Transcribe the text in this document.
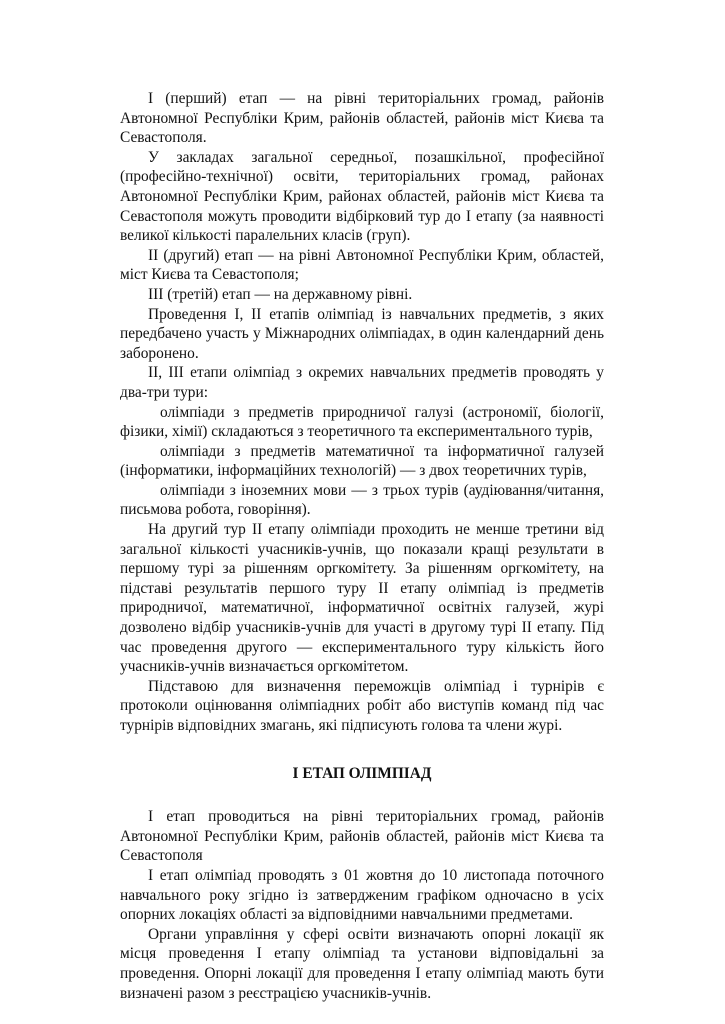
I (перший) етап — на рівні територіальних громад, районів Автономної Республіки Крим, районів областей, районів міст Києва та Севастополя.

У закладах загальної середньої, позашкільної, професійної (професійно-технічної) освіти, територіальних громад, районах Автономної Республіки Крим, районах областей, районів міст Києва та Севастополя можуть проводити відбірковий тур до I етапу (за наявності великої кількості паралельних класів (груп).

II (другий) етап — на рівні Автономної Республіки Крим, областей, міст Києва та Севастополя;

III (третій) етап — на державному рівні.

Проведення I, II етапів олімпіад із навчальних предметів, з яких передбачено участь у Міжнародних олімпіадах, в один календарний день заборонено.

II, III етапи олімпіад з окремих навчальних предметів проводять у два-три тури:

олімпіади з предметів природничої галузі (астрономії, біології, фізики, хімії) складаються з теоретичного та експериментального турів,

олімпіади з предметів математичної та інформатичної галузей (інформатики, інформаційних технологій) — з двох теоретичних турів,

олімпіади з іноземних мови — з трьох турів (аудіювання/читання, письмова робота, говоріння).

На другий тур II етапу олімпіади проходить не менше третини від загальної кількості учасників-учнів, що показали кращі результати в першому турі за рішенням оргкомітету. За рішенням оргкомітету, на підставі результатів першого туру II етапу олімпіад із предметів природничої, математичної, інформатичної освітніх галузей, журі дозволено відбір учасників-учнів для участі в другому турі II етапу. Під час проведення другого — експериментального туру кількість його учасників-учнів визначається оргкомітетом.

Підставою для визначення переможців олімпіад і турнірів є протоколи оцінювання олімпіадних робіт або виступів команд під час турнірів відповідних змагань, які підписують голова та члени журі.

I ЕТАП ОЛІМПІАД

I етап проводиться на рівні територіальних громад, районів Автономної Республіки Крим, районів областей, районів міст Києва та Севастополя

I етап олімпіад проводять з 01 жовтня до 10 листопада поточного навчального року згідно із затвердженим графіком одночасно в усіх опорних локаціях області за відповідними навчальними предметами.

Органи управління у сфері освіти визначають опорні локації як місця проведення I етапу олімпіад та установи відповідальні за проведення. Опорні локації для проведення I етапу олімпіад мають бути визначені разом з реєстрацією учасників-учнів.
